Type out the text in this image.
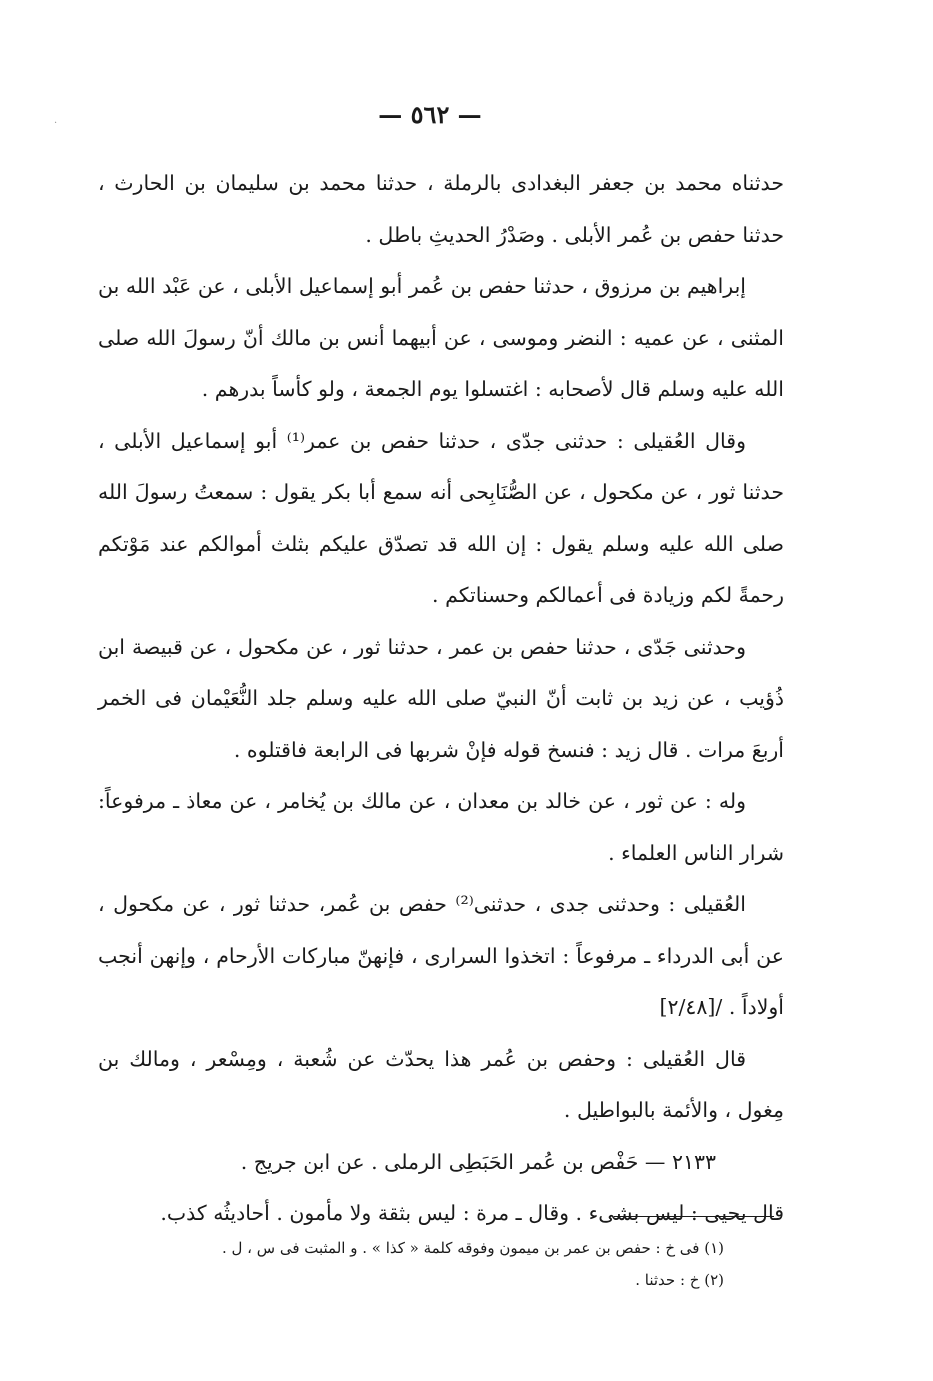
— ٥٦٢ —

حدثناه محمد بن جعفر البغدادى بالرملة ، حدثنا محمد بن سليمان بن الحارث ، حدثنا حفص بن عُمر الأبلى . وصَدْرُ الحديثِ باطل .

إبراهيم بن مرزوق ، حدثنا حفص بن عُمر أبو إسماعيل الأبلى ، عن عَبْد الله بن المثنى ، عن عميه : النضر وموسى ، عن أبيهما أنس بن مالك أنّ رسولَ الله صلى الله عليه وسلم قال لأصحابه : اغتسلوا يوم الجمعة ، ولو كأساً بدرهم .

وقال العُقيلى : حدثنى جدّى ، حدثنا حفص بن عمر⁽¹⁾ أبو إسماعيل الأبلى ، حدثنا ثور ، عن مكحول ، عن الصُّنَابِحى أنه سمع أبا بكر يقول : سمعتُ رسولَ الله صلى الله عليه وسلم يقول : إن الله قد تصدّق عليكم بثلث أموالكم عند مَوْتكم رحمةً لكم وزيادة فى أعمالكم وحسناتكم .

وحدثنى جَدّى ، حدثنا حفص بن عمر ، حدثنا ثور ، عن مكحول ، عن قبيصة ابن ذُؤيب ، عن زيد بن ثابت أنّ النبيّ صلى الله عليه وسلم جلد النُّعَيْمان فى الخمر أربعَ مرات . قال زيد : فنسخ قوله فإنْ شربها فى الرابعة فاقتلوه .

وله : عن ثور ، عن خالد بن معدان ، عن مالك بن يُخامر ، عن معاذ ـ مرفوعاً: شرار الناس العلماء .

العُقيلى : وحدثنى جدى ، حدثنى⁽²⁾ حفص بن عُمر، حدثنا ثور ، عن مكحول ، عن أبى الدرداء ـ مرفوعاً : اتخذوا السرارى ، فإنهنّ مباركات الأرحام ، وإنهن أنجب أولاداً . /[٢/٤٨]

قال العُقيلى : وحفص بن عُمر هذا يحدّث عن شُعبة ، ومِسْعر ، ومالك بن مِغول ، والأئمة بالبواطيل .

٢١٣٣ — حَفْص بن عُمر الحَبَطِى الرملى . عن ابن جريج .

قال يحيى : ليس بشىء . وقال ـ مرة : ليس بثقة ولا مأمون . أحاديثُه كذب.

(١) فى خ : حفص بن عمر بن ميمون وفوقه كلمة « كذا » . و المثبت فى س ، ل .

(٢) خ : حدثنا .

·
